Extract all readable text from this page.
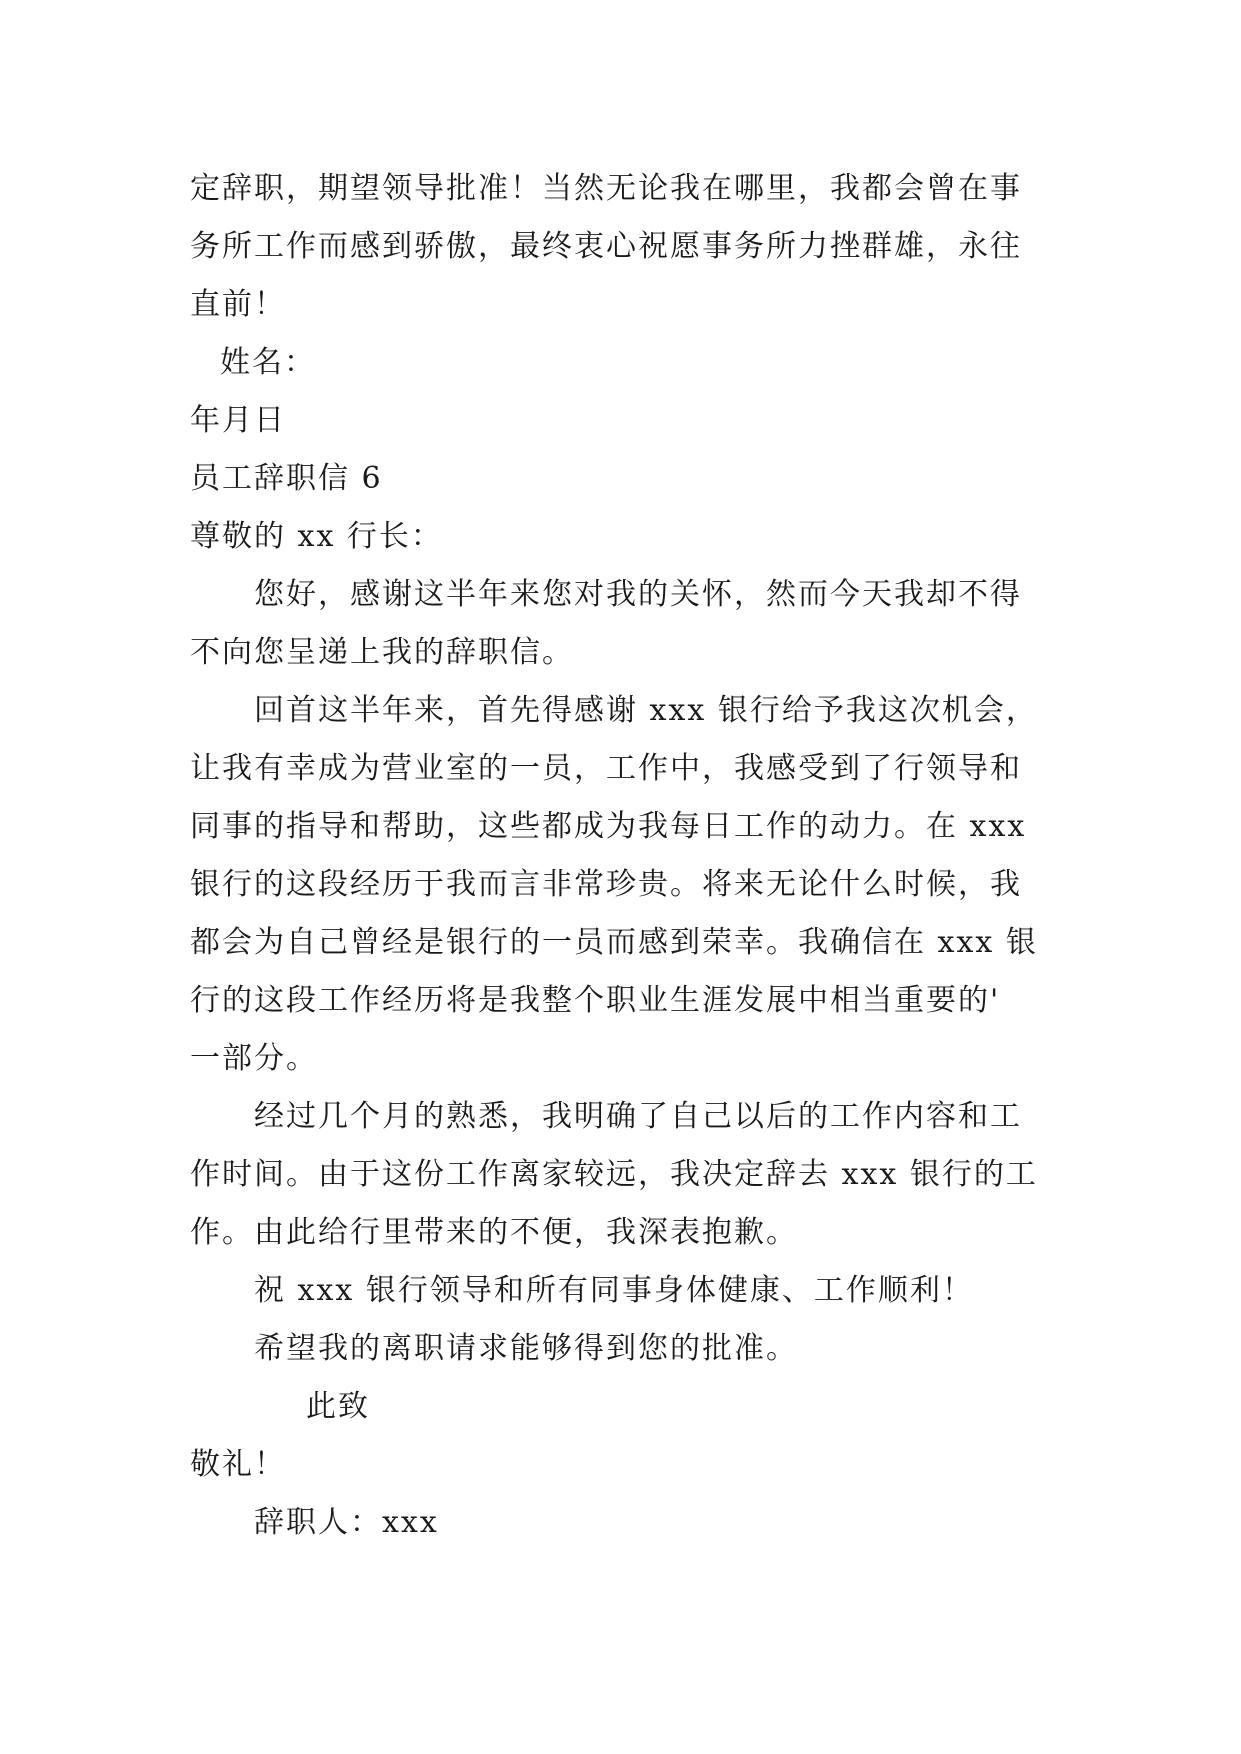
定辞职，期望领导批准！当然无论我在哪里，我都会曾在事
务所工作而感到骄傲，最终衷心祝愿事务所力挫群雄，永往
直前！
姓名：
年月日
员工辞职信 6
尊敬的 xx 行长：
您好，感谢这半年来您对我的关怀，然而今天我却不得
不向您呈递上我的辞职信。
回首这半年来，首先得感谢 xxx 银行给予我这次机会，
让我有幸成为营业室的一员，工作中，我感受到了行领导和
同事的指导和帮助，这些都成为我每日工作的动力。在 xxx
银行的这段经历于我而言非常珍贵。将来无论什么时候，我
都会为自己曾经是银行的一员而感到荣幸。我确信在 xxx 银
行的这段工作经历将是我整个职业生涯发展中相当重要的'
一部分。
经过几个月的熟悉，我明确了自己以后的工作内容和工
作时间。由于这份工作离家较远，我决定辞去 xxx 银行的工
作。由此给行里带来的不便，我深表抱歉。
祝 xxx 银行领导和所有同事身体健康、工作顺利！
希望我的离职请求能够得到您的批准。
此致
敬礼！
辞职人：xxx
